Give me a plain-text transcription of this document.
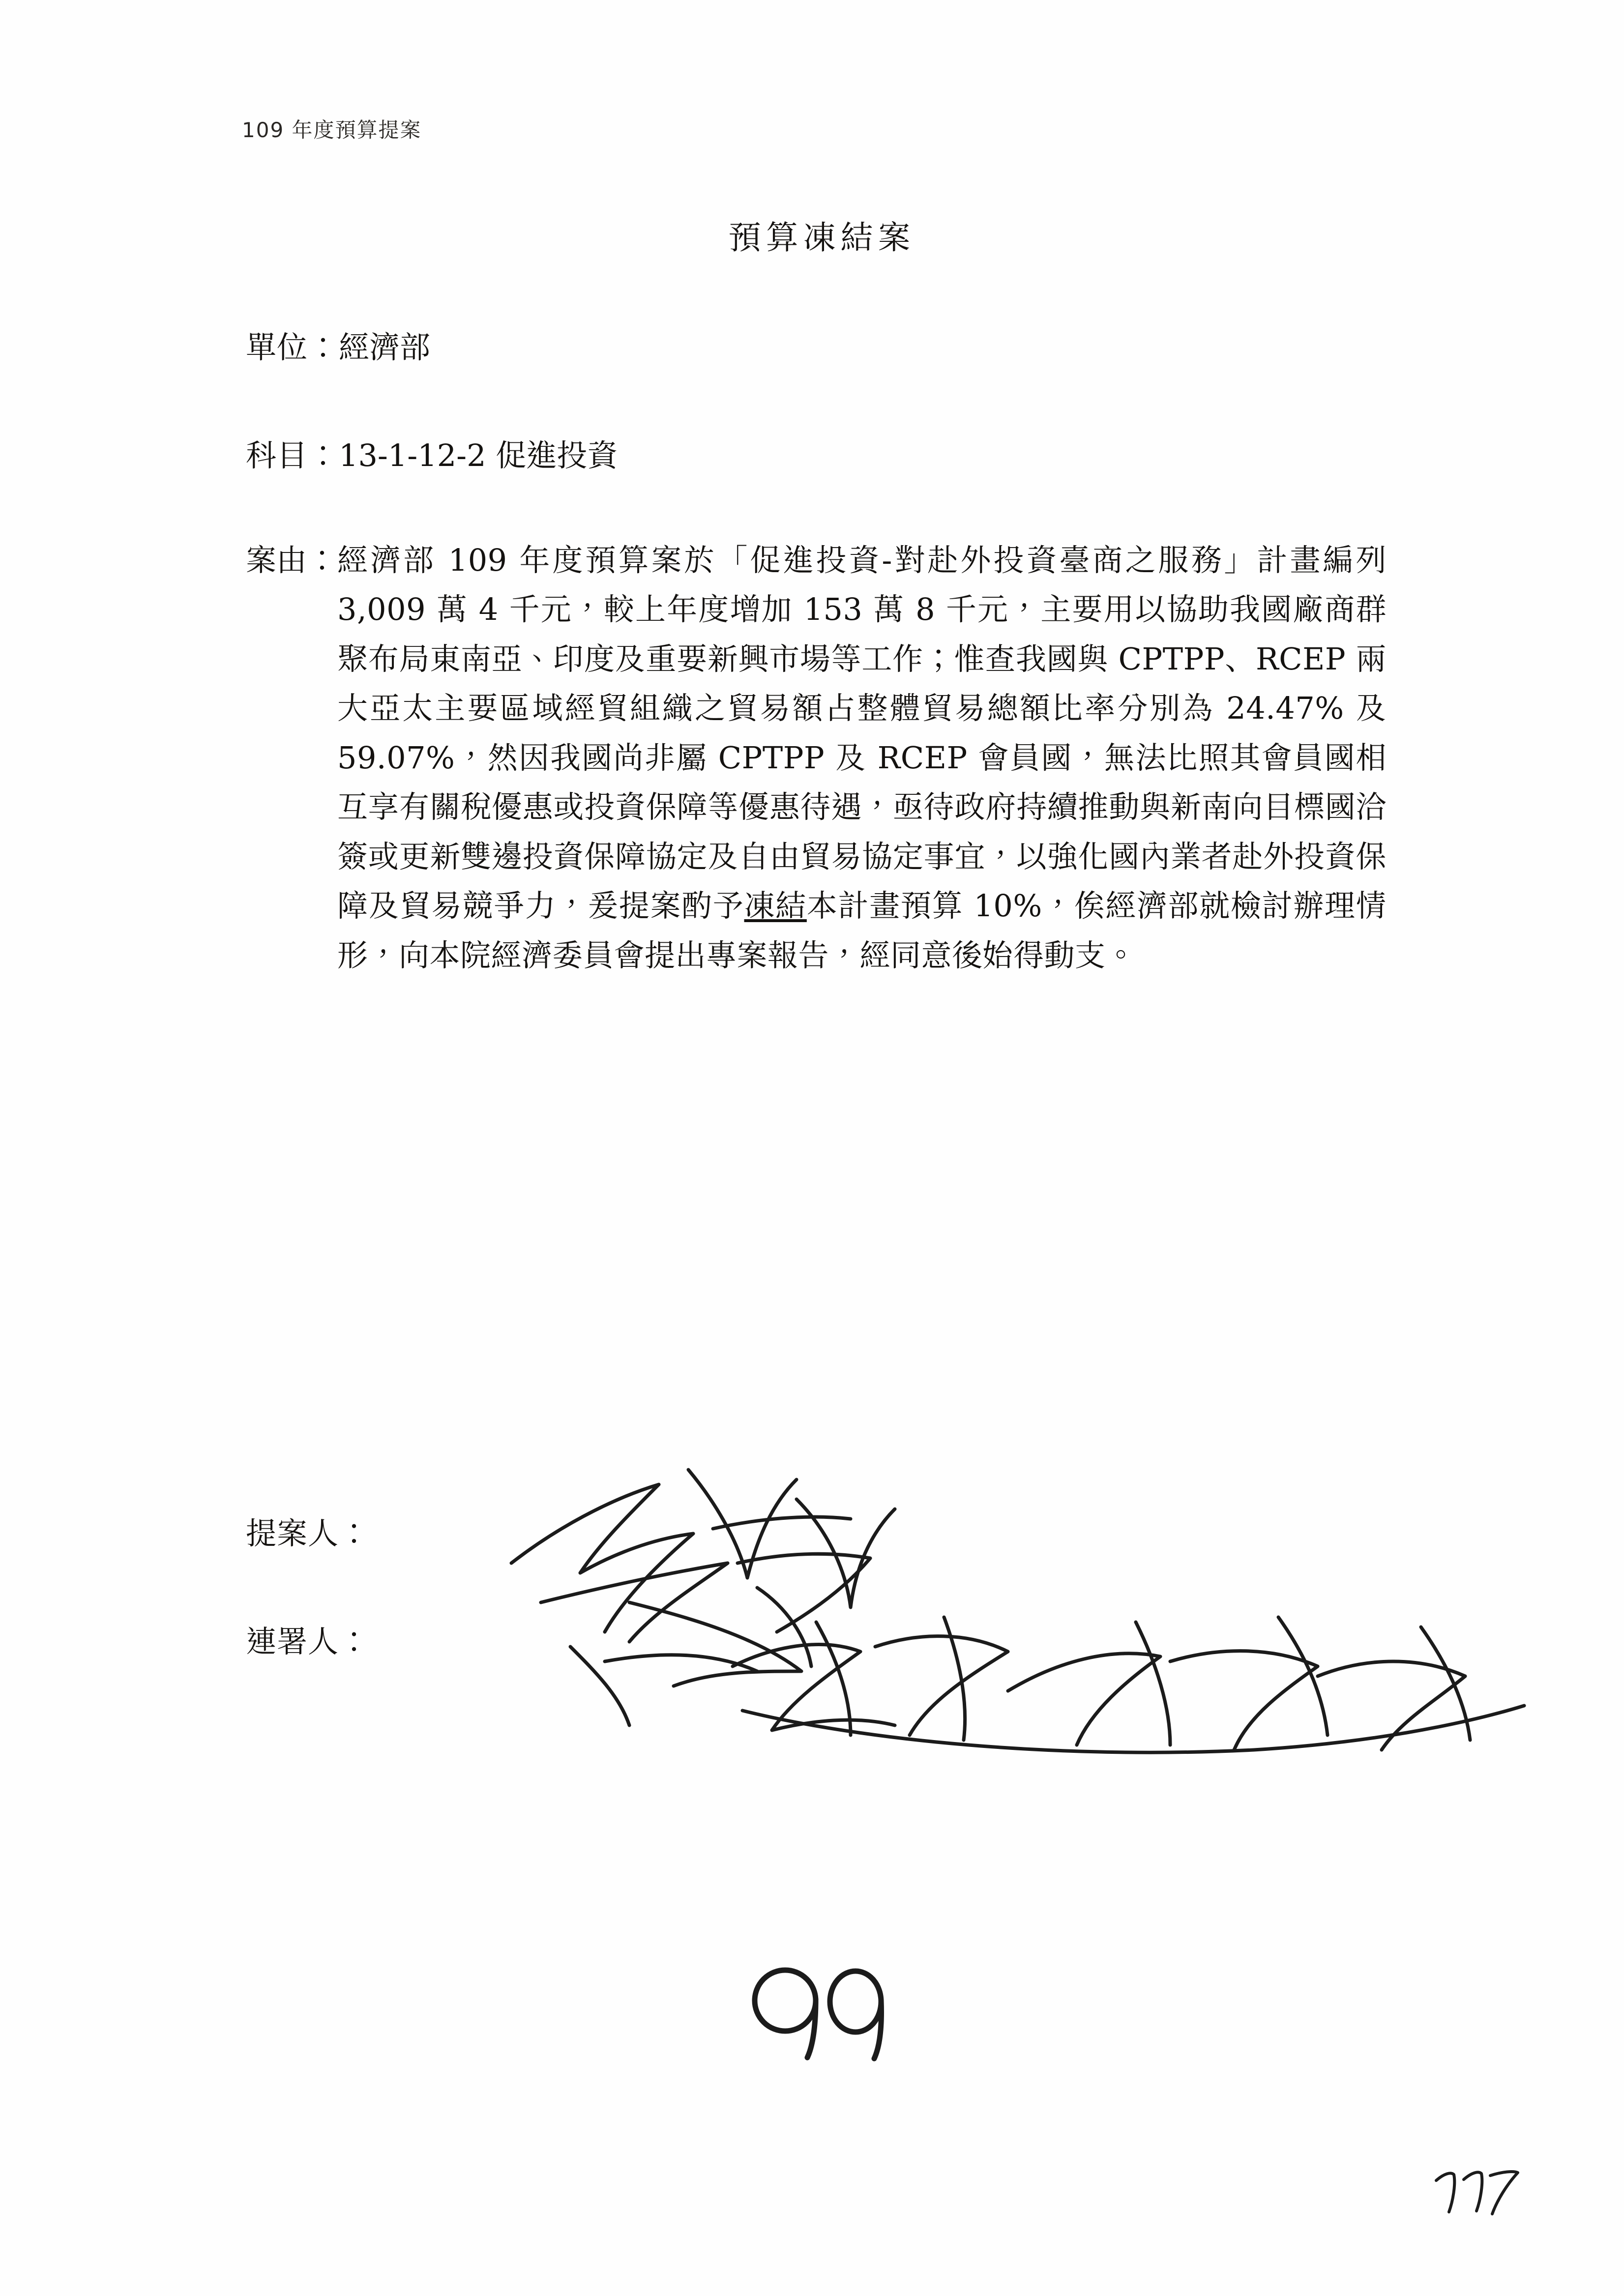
109 年度預算提案
預算凍結案
單位： 經濟部
科目： 13-1-12-2 促進投資
案由： 經濟部 109 年度預算案於「促進投資-對赴外投資臺商之服務」計畫編列 3,009 萬 4 千元，較上年度增加 153 萬 8 千元，主要用以協助我國廠商群聚布局東南亞、印度及重要新興市場等工作；惟查我國與 CPTPP、RCEP 兩大亞太主要區域經貿組織之貿易額占整體貿易總額比率分別為 24.47% 及 59.07%，然因我國尚非屬 CPTPP 及 RCEP 會員國，無法比照其會員國相互享有關稅優惠或投資保障等優惠待遇，亟待政府持續推動與新南向目標國洽簽或更新雙邊投資保障協定及自由貿易協定事宜，以強化國內業者赴外投資保障及貿易競爭力，爰提案酌予凍結本計畫預算 10%，俟經濟部就檢討辦理情形，向本院經濟委員會提出專案報告，經同意後始得動支。
提案人：
連署人：
